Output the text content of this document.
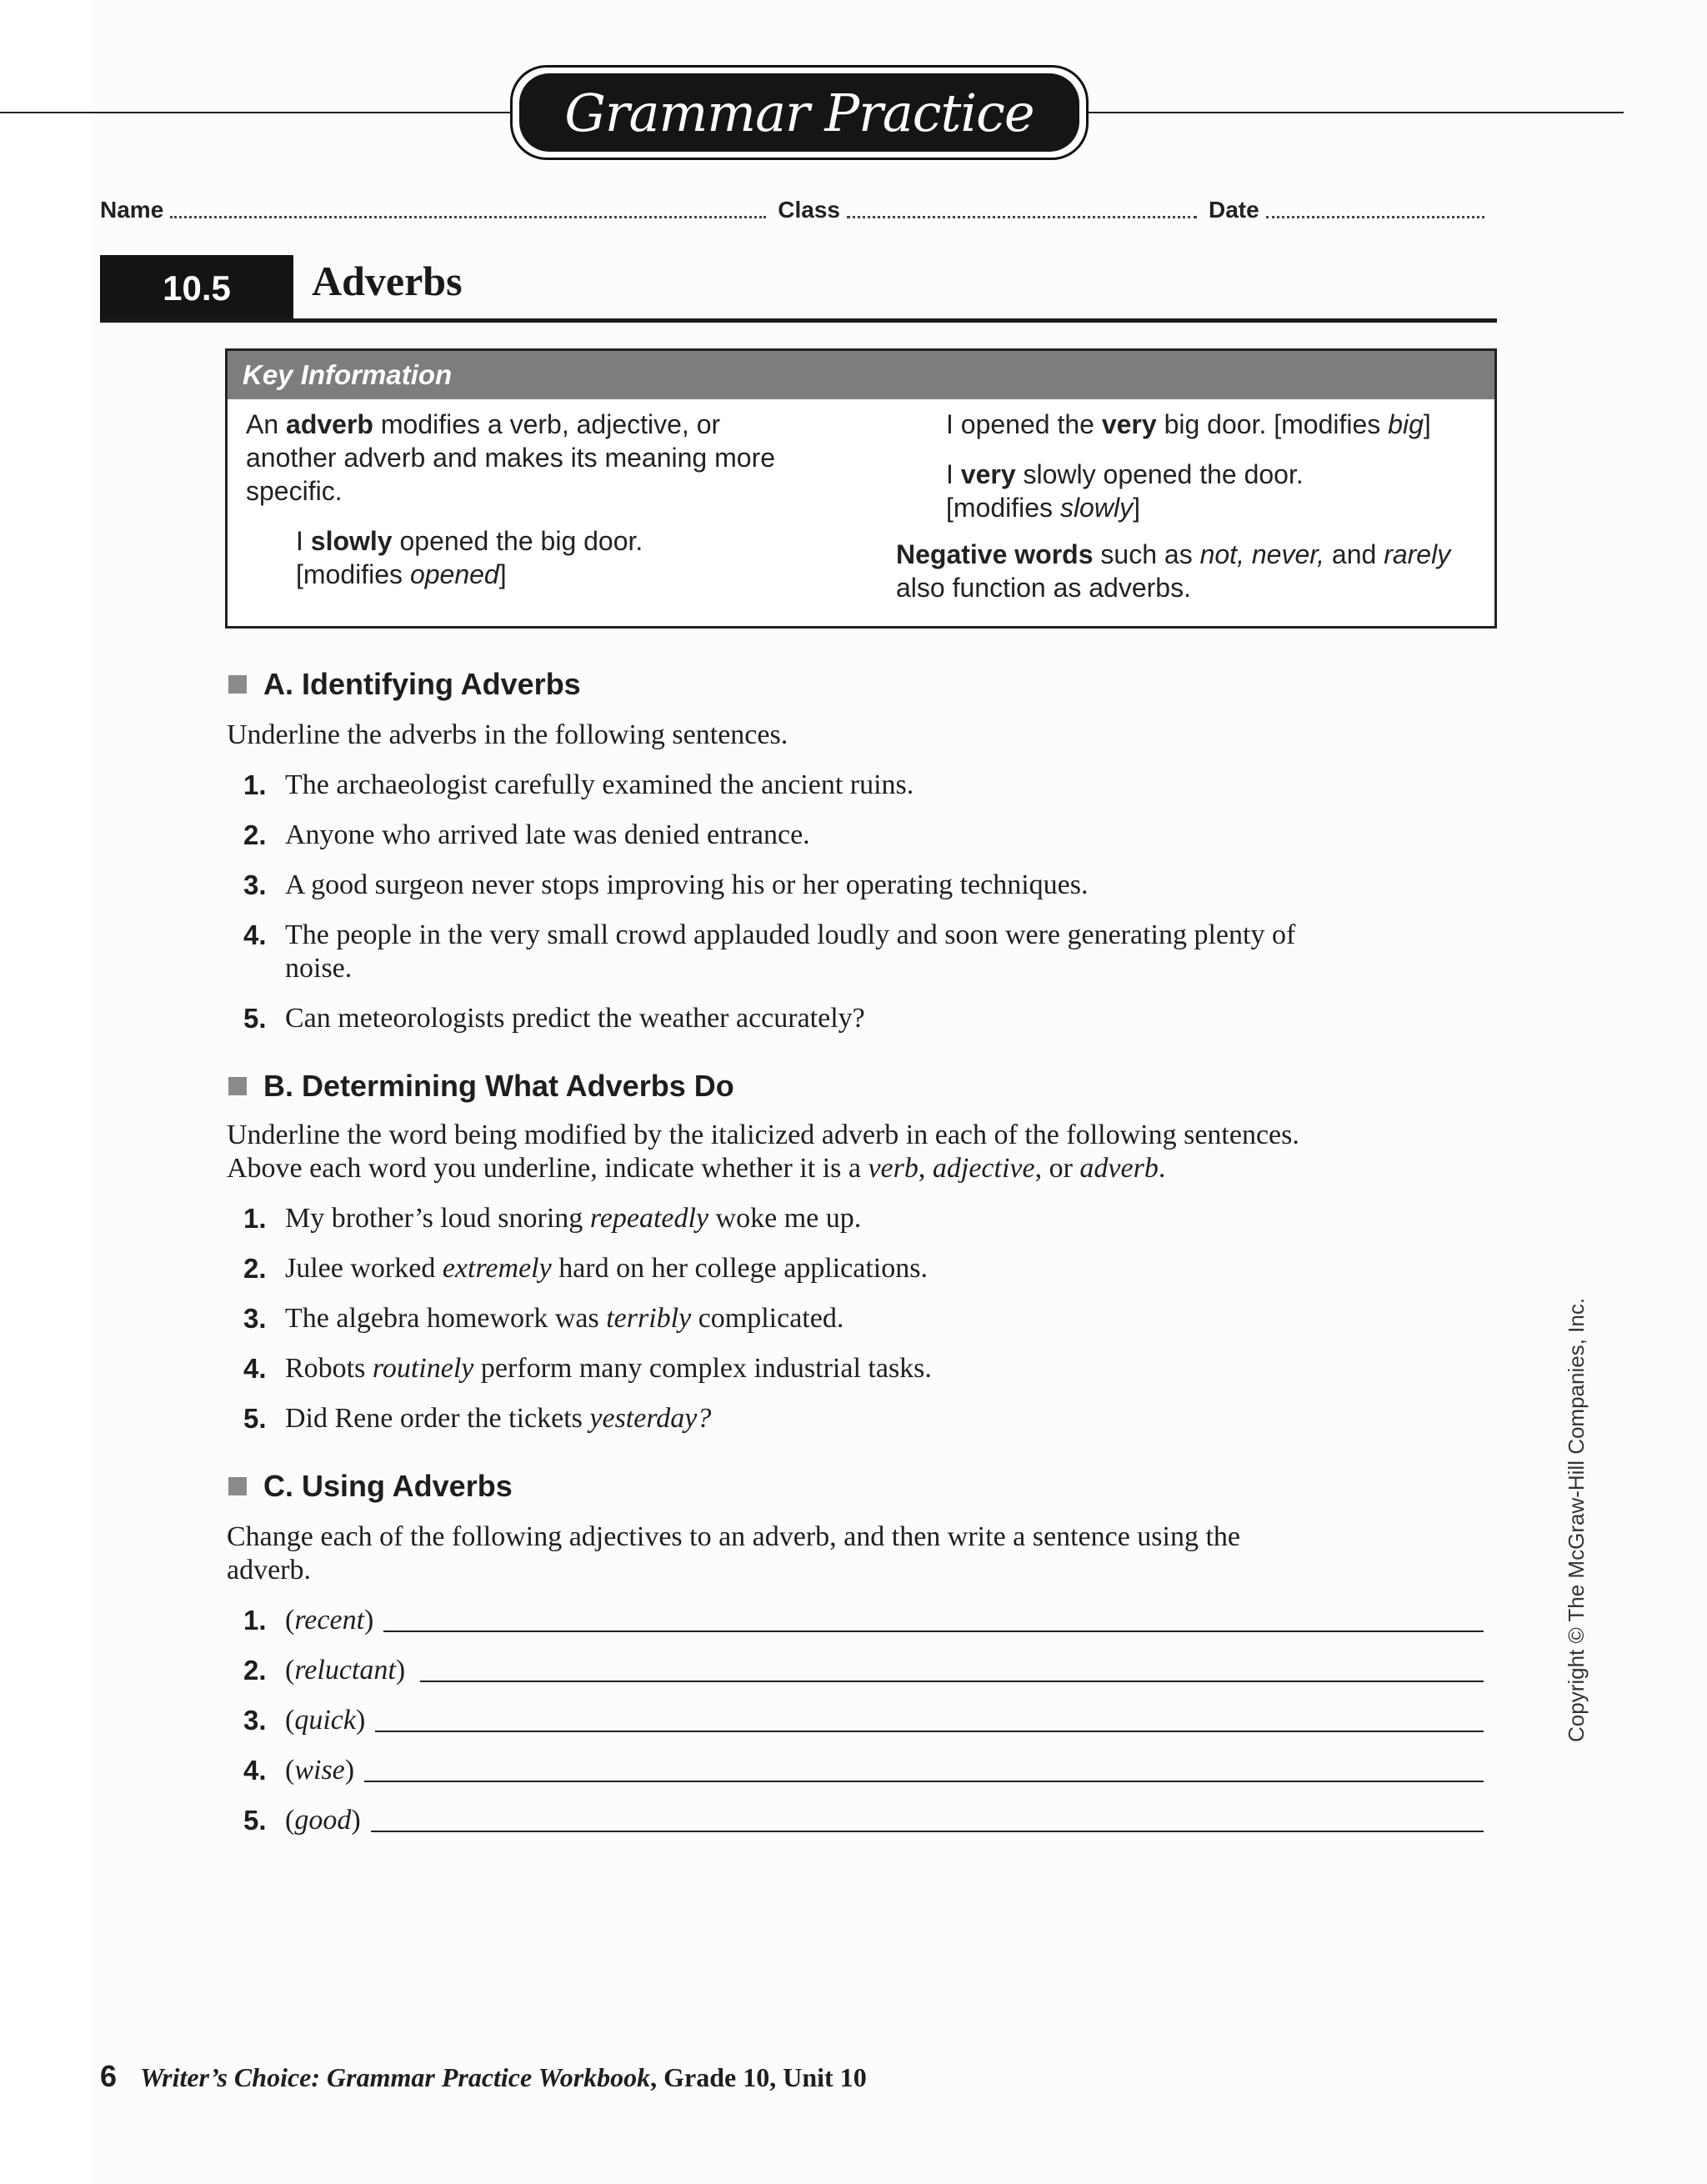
Grammar Practice
Name	Class	Date
10.5	Adverbs
Key Information

An adverb modifies a verb, adjective, or another adverb and makes its meaning more specific.

I slowly opened the big door.
[modifies opened]

I opened the very big door. [modifies big]

I very slowly opened the door.
[modifies slowly]

Negative words such as not, never, and rarely also function as adverbs.

A. Identifying Adverbs
Underline the adverbs in the following sentences.
1. The archaeologist carefully examined the ancient ruins.
2. Anyone who arrived late was denied entrance.
3. A good surgeon never stops improving his or her operating techniques.
4. The people in the very small crowd applauded loudly and soon were generating plenty of noise.
5. Can meteorologists predict the weather accurately?
B. Determining What Adverbs Do
Underline the word being modified by the italicized adverb in each of the following sentences.
Above each word you underline, indicate whether it is a verb, adjective, or adverb.
1. My brother’s loud snoring repeatedly woke me up.
2. Julee worked extremely hard on her college applications.
3. The algebra homework was terribly complicated.
4. Robots routinely perform many complex industrial tasks.
5. Did Rene order the tickets yesterday?
C. Using Adverbs
Change each of the following adjectives to an adverb, and then write a sentence using the adverb.
1. (recent)
2. (reluctant)
3. (quick)
4. (wise)
5. (good)
Copyright © The McGraw-Hill Companies, Inc.
6 Writer’s Choice: Grammar Practice Workbook, Grade 10, Unit 10
